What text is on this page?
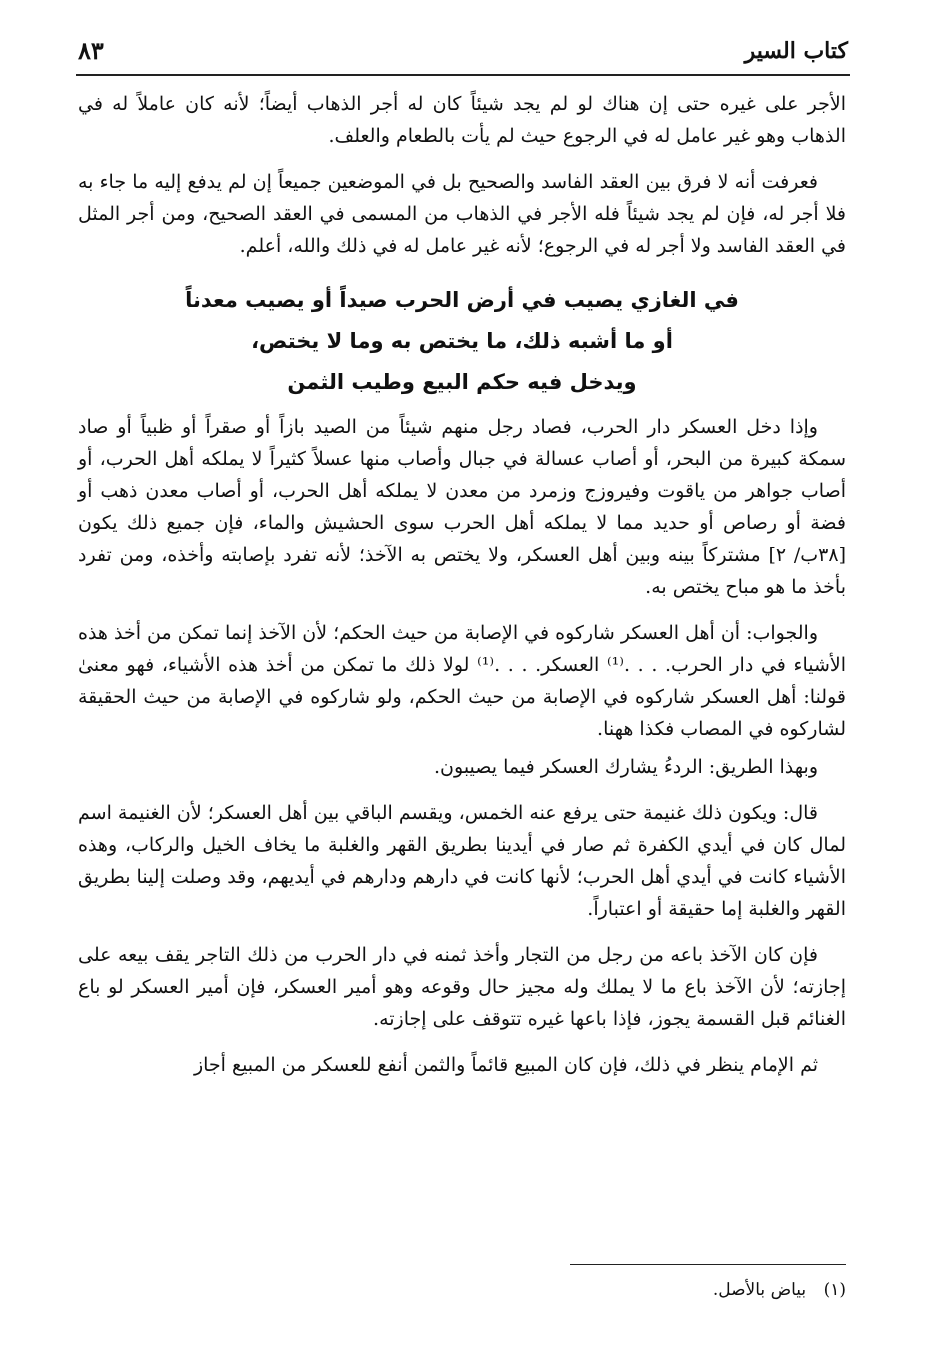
كتاب السير
٨٣

الأجر على غيره حتى إن هناك لو لم يجد شيئاً كان له أجر الذهاب أيضاً؛ لأنه كان عاملاً له في الذهاب وهو غير عامل له في الرجوع حيث لم يأت بالطعام والعلف.

فعرفت أنه لا فرق بين العقد الفاسد والصحيح بل في الموضعين جميعاً إن لم يدفع إليه ما جاء به فلا أجر له، فإن لم يجد شيئاً فله الأجر في الذهاب من المسمى في العقد الصحيح، ومن أجر المثل في العقد الفاسد ولا أجر له في الرجوع؛ لأنه غير عامل له في ذلك والله، أعلم.

في الغازي يصيب في أرض الحرب صيداً أو يصيب معدناً
أو ما أشبه ذلك، ما يختص به وما لا يختص،
ويدخل فيه حكم البيع وطيب الثمن

وإذا دخل العسكر دار الحرب، فصاد رجل منهم شيئاً من الصيد بازاً أو صقراً أو ظبياً أو صاد سمكة كبيرة من البحر، أو أصاب عسالة في جبال وأصاب منها عسلاً كثيراً لا يملكه أهل الحرب، أو أصاب جواهر من ياقوت وفيروزج وزمرد من معدن لا يملكه أهل الحرب، أو أصاب معدن ذهب أو فضة أو رصاص أو حديد مما لا يملكه أهل الحرب سوى الحشيش والماء، فإن جميع ذلك يكون [٣٨ب/ ٢] مشتركاً بينه وبين أهل العسكر، ولا يختص به الآخذ؛ لأنه تفرد بإصابته وأخذه، ومن تفرد بأخذ ما هو مباح يختص به.

والجواب: أن أهل العسكر شاركوه في الإصابة من حيث الحكم؛ لأن الآخذ إنما تمكن من أخذ هذه الأشياء في دار الحرب. . . .⁽¹⁾ العسكر. . . .⁽¹⁾ لولا ذلك ما تمكن من أخذ هذه الأشياء، فهو معنىٰ قولنا: أهل العسكر شاركوه في الإصابة من حيث الحكم، ولو شاركوه في الإصابة من حيث الحقيقة لشاركوه في المصاب فكذا ههنا.

وبهذا الطريق: الردءُ يشارك العسكر فيما يصيبون.

قال: ويكون ذلك غنيمة حتى يرفع عنه الخمس، ويقسم الباقي بين أهل العسكر؛ لأن الغنيمة اسم لمال كان في أيدي الكفرة ثم صار في أيدينا بطريق القهر والغلبة ما يخاف الخيل والركاب، وهذه الأشياء كانت في أيدي أهل الحرب؛ لأنها كانت في دارهم ودارهم في أيديهم، وقد وصلت إلينا بطريق القهر والغلبة إما حقيقة أو اعتباراً.

فإن كان الآخذ باعه من رجل من التجار وأخذ ثمنه في دار الحرب من ذلك التاجر يقف بيعه على إجازته؛ لأن الآخذ باع ما لا يملك وله مجيز حال وقوعه وهو أمير العسكر، فإن أمير العسكر لو باع الغنائم قبل القسمة يجوز، فإذا باعها غيره تتوقف على إجازته.

ثم الإمام ينظر في ذلك، فإن كان المبيع قائماً والثمن أنفع للعسكر من المبيع أجاز

(١) بياض بالأصل.
